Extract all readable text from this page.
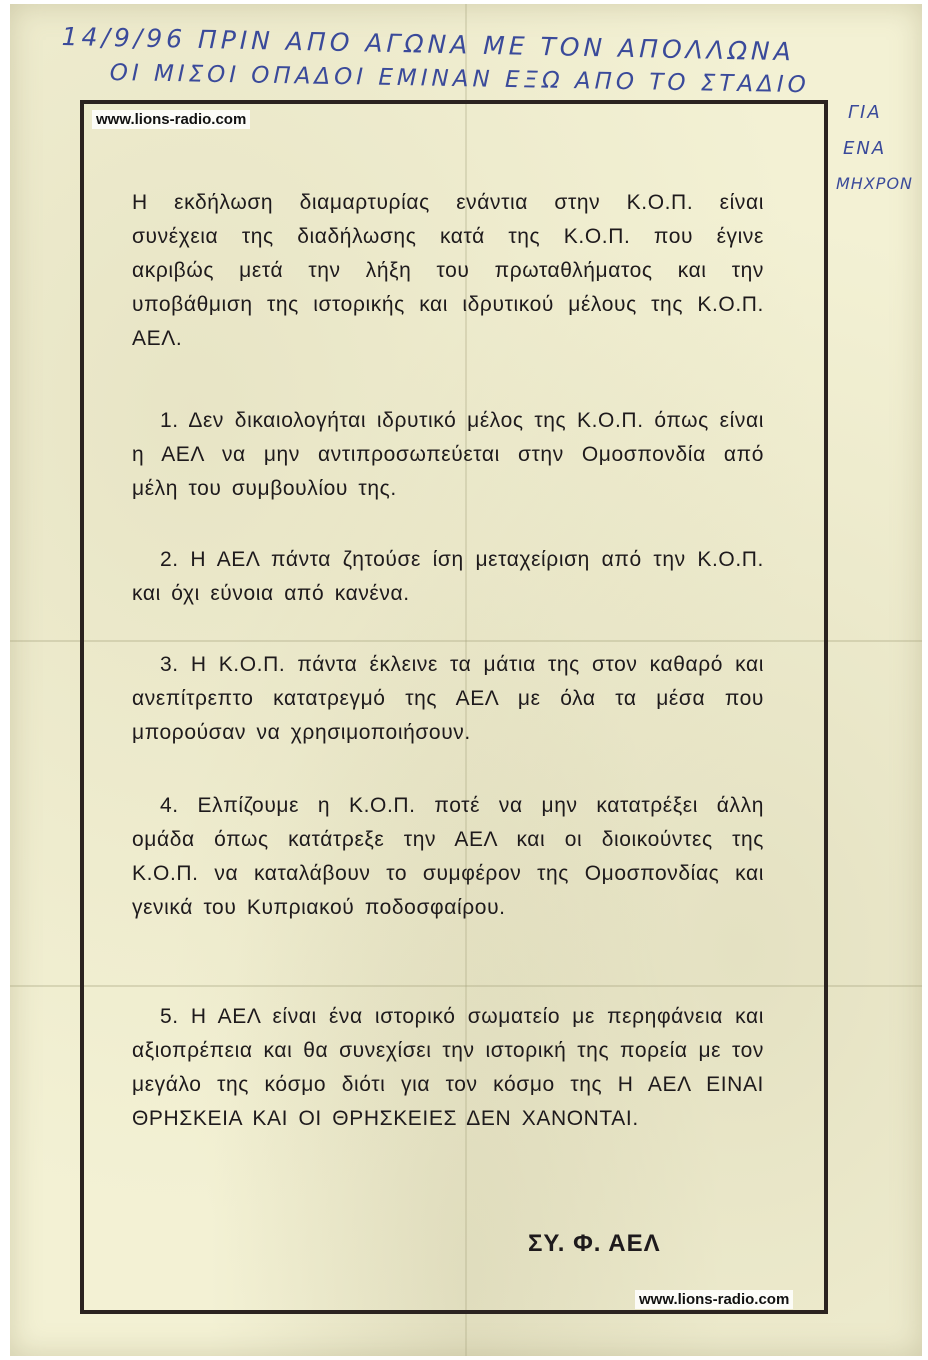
14/9/96 ΠΡΙΝ ΑΠΟ ΑΓΩΝΑ ΜΕ ΤΟΝ ΑΠΟΛΛΩΝΑ
ΟΙ ΜΙΣΟΙ ΟΠΑΔΟΙ ΕΜΙΝΑΝ ΕΞΩ ΑΠΟ ΤΟ ΣΤΑΔΙΟ
ΓΙΑ
ΕΝΑ
ΜΗΧΡΟΝ
www.lions-radio.com
www.lions-radio.com
Η εκδήλωση διαμαρτυρίας ενάντια στην Κ.Ο.Π. είναι συνέχεια της διαδήλωσης κατά της Κ.Ο.Π. που έγινε ακριβώς μετά την λήξη του πρωταθλήματος και την υποβάθμιση της ιστορικής και ιδρυτικού μέλους της Κ.Ο.Π. ΑΕΛ.
1. Δεν δικαιολογήται ιδρυτικό μέλος της Κ.Ο.Π. όπως είναι η ΑΕΛ να μην αντιπροσωπεύεται στην Ομοσπονδία από μέλη του συμβουλίου της.
2. Η ΑΕΛ πάντα ζητούσε ίση μεταχείριση από την Κ.Ο.Π. και όχι εύνοια από κανένα.
3. Η Κ.Ο.Π. πάντα έκλεινε τα μάτια της στον καθαρό και ανεπίτρεπτο κατατρεγμό της ΑΕΛ με όλα τα μέσα που μπορούσαν να χρησιμοποιήσουν.
4. Ελπίζουμε η Κ.Ο.Π. ποτέ να μην κατατρέξει άλλη ομάδα όπως κατάτρεξε την ΑΕΛ και οι διοικούντες της Κ.Ο.Π. να καταλάβουν το συμφέρον της Ομοσπονδίας και γενικά του Κυπριακού ποδοσφαίρου.
5. Η ΑΕΛ είναι ένα ιστορικό σωματείο με περηφάνεια και αξιοπρέπεια και θα συνεχίσει την ιστορική της πορεία με τον μεγάλο της κόσμο διότι για τον κόσμο της Η ΑΕΛ ΕΙΝΑΙ ΘΡΗΣΚΕΙΑ ΚΑΙ ΟΙ ΘΡΗΣΚΕΙΕΣ ΔΕΝ ΧΑΝΟΝΤΑΙ.
ΣΥ. Φ. ΑΕΛ
